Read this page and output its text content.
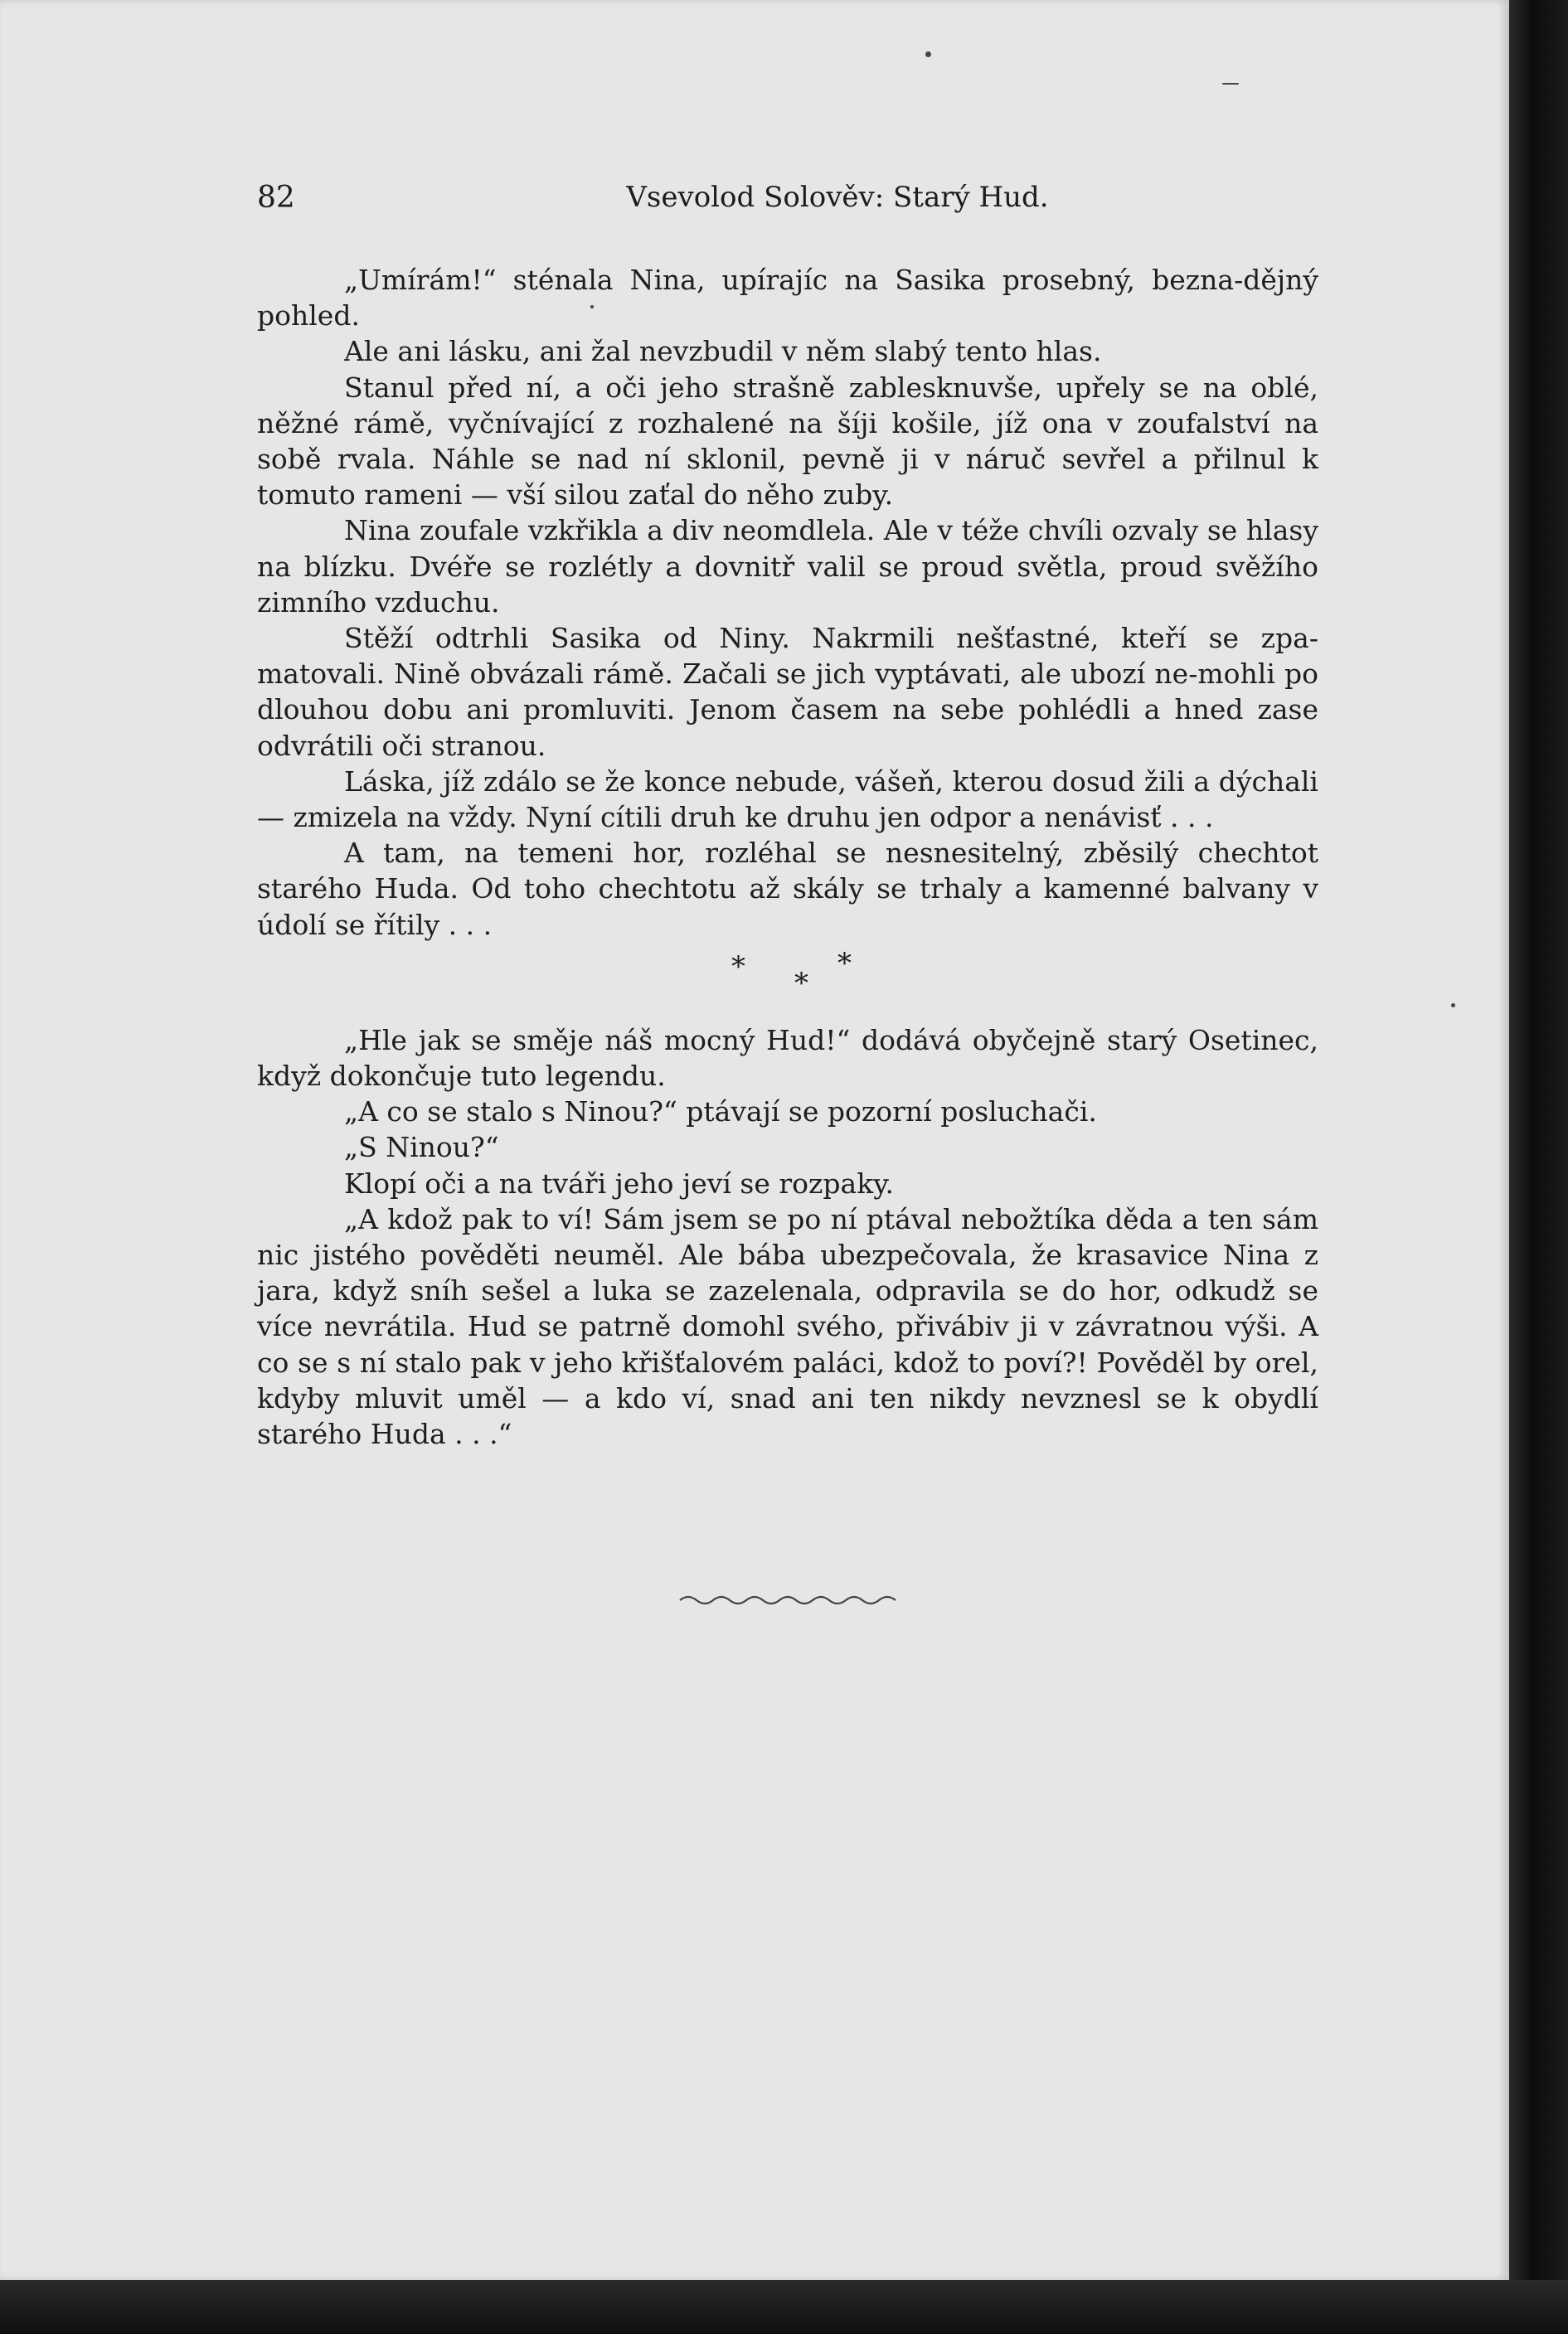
82	Vsevolod Solověv: Starý Hud.

„Umírám!“ sténala Nina, upírajíc na Sasika prosebný, bezna-dějný pohled.

Ale ani lásku, ani žal nevzbudil v něm slabý tento hlas.

Stanul před ní, a oči jeho strašně zablesknuvše, upřely se na oblé, něžné rámě, vyčnívající z rozhalené na šíji košile, jíž ona v zoufalství na sobě rvala. Náhle se nad ní sklonil, pevně ji v náruč sevřel a přilnul k tomuto rameni — vší silou zaťal do něho zuby.

Nina zoufale vzkřikla a div neomdlela. Ale v téže chvíli ozvaly se hlasy na blízku. Dvéře se rozlétly a dovnitř valil se proud světla, proud svěžího zimního vzduchu.

Stěží odtrhli Sasika od Niny. Nakrmili nešťastné, kteří se zpa-matovali. Nině obvázali rámě. Začali se jich vyptávati, ale ubozí ne-mohli po dlouhou dobu ani promluviti. Jenom časem na sebe pohlédli a hned zase odvrátili oči stranou.

Láska, jíž zdálo se že konce nebude, vášeň, kterou dosud žili a dýchali — zmizela na vždy. Nyní cítili druh ke druhu jen odpor a nenávisť . . .

A tam, na temeni hor, rozléhal se nesnesitelný, zběsilý chechtot starého Huda. Od toho chechtotu až skály se trhaly a kamenné balvany v údolí se řítily . . .

* *
*

„Hle jak se směje náš mocný Hud!“ dodává obyčejně starý Osetinec, když dokončuje tuto legendu.

„A co se stalo s Ninou?“ ptávají se pozorní posluchači.

„S Ninou?“

Klopí oči a na tváři jeho jeví se rozpaky.

„A kdož pak to ví! Sám jsem se po ní ptával nebožtíka děda a ten sám nic jistého pověděti neuměl. Ale bába ubezpečovala, že krasavice Nina z jara, když sníh sešel a luka se zazelenala, odpravila se do hor, odkudž se více nevrátila. Hud se patrně domohl svého, přivábiv ji v závratnou výši. A co se s ní stalo pak v jeho křišťalovém paláci, kdož to poví?! Pověděl by orel, kdyby mluvit uměl — a kdo ví, snad ani ten nikdy nevznesl se k obydlí starého Huda . . .“
